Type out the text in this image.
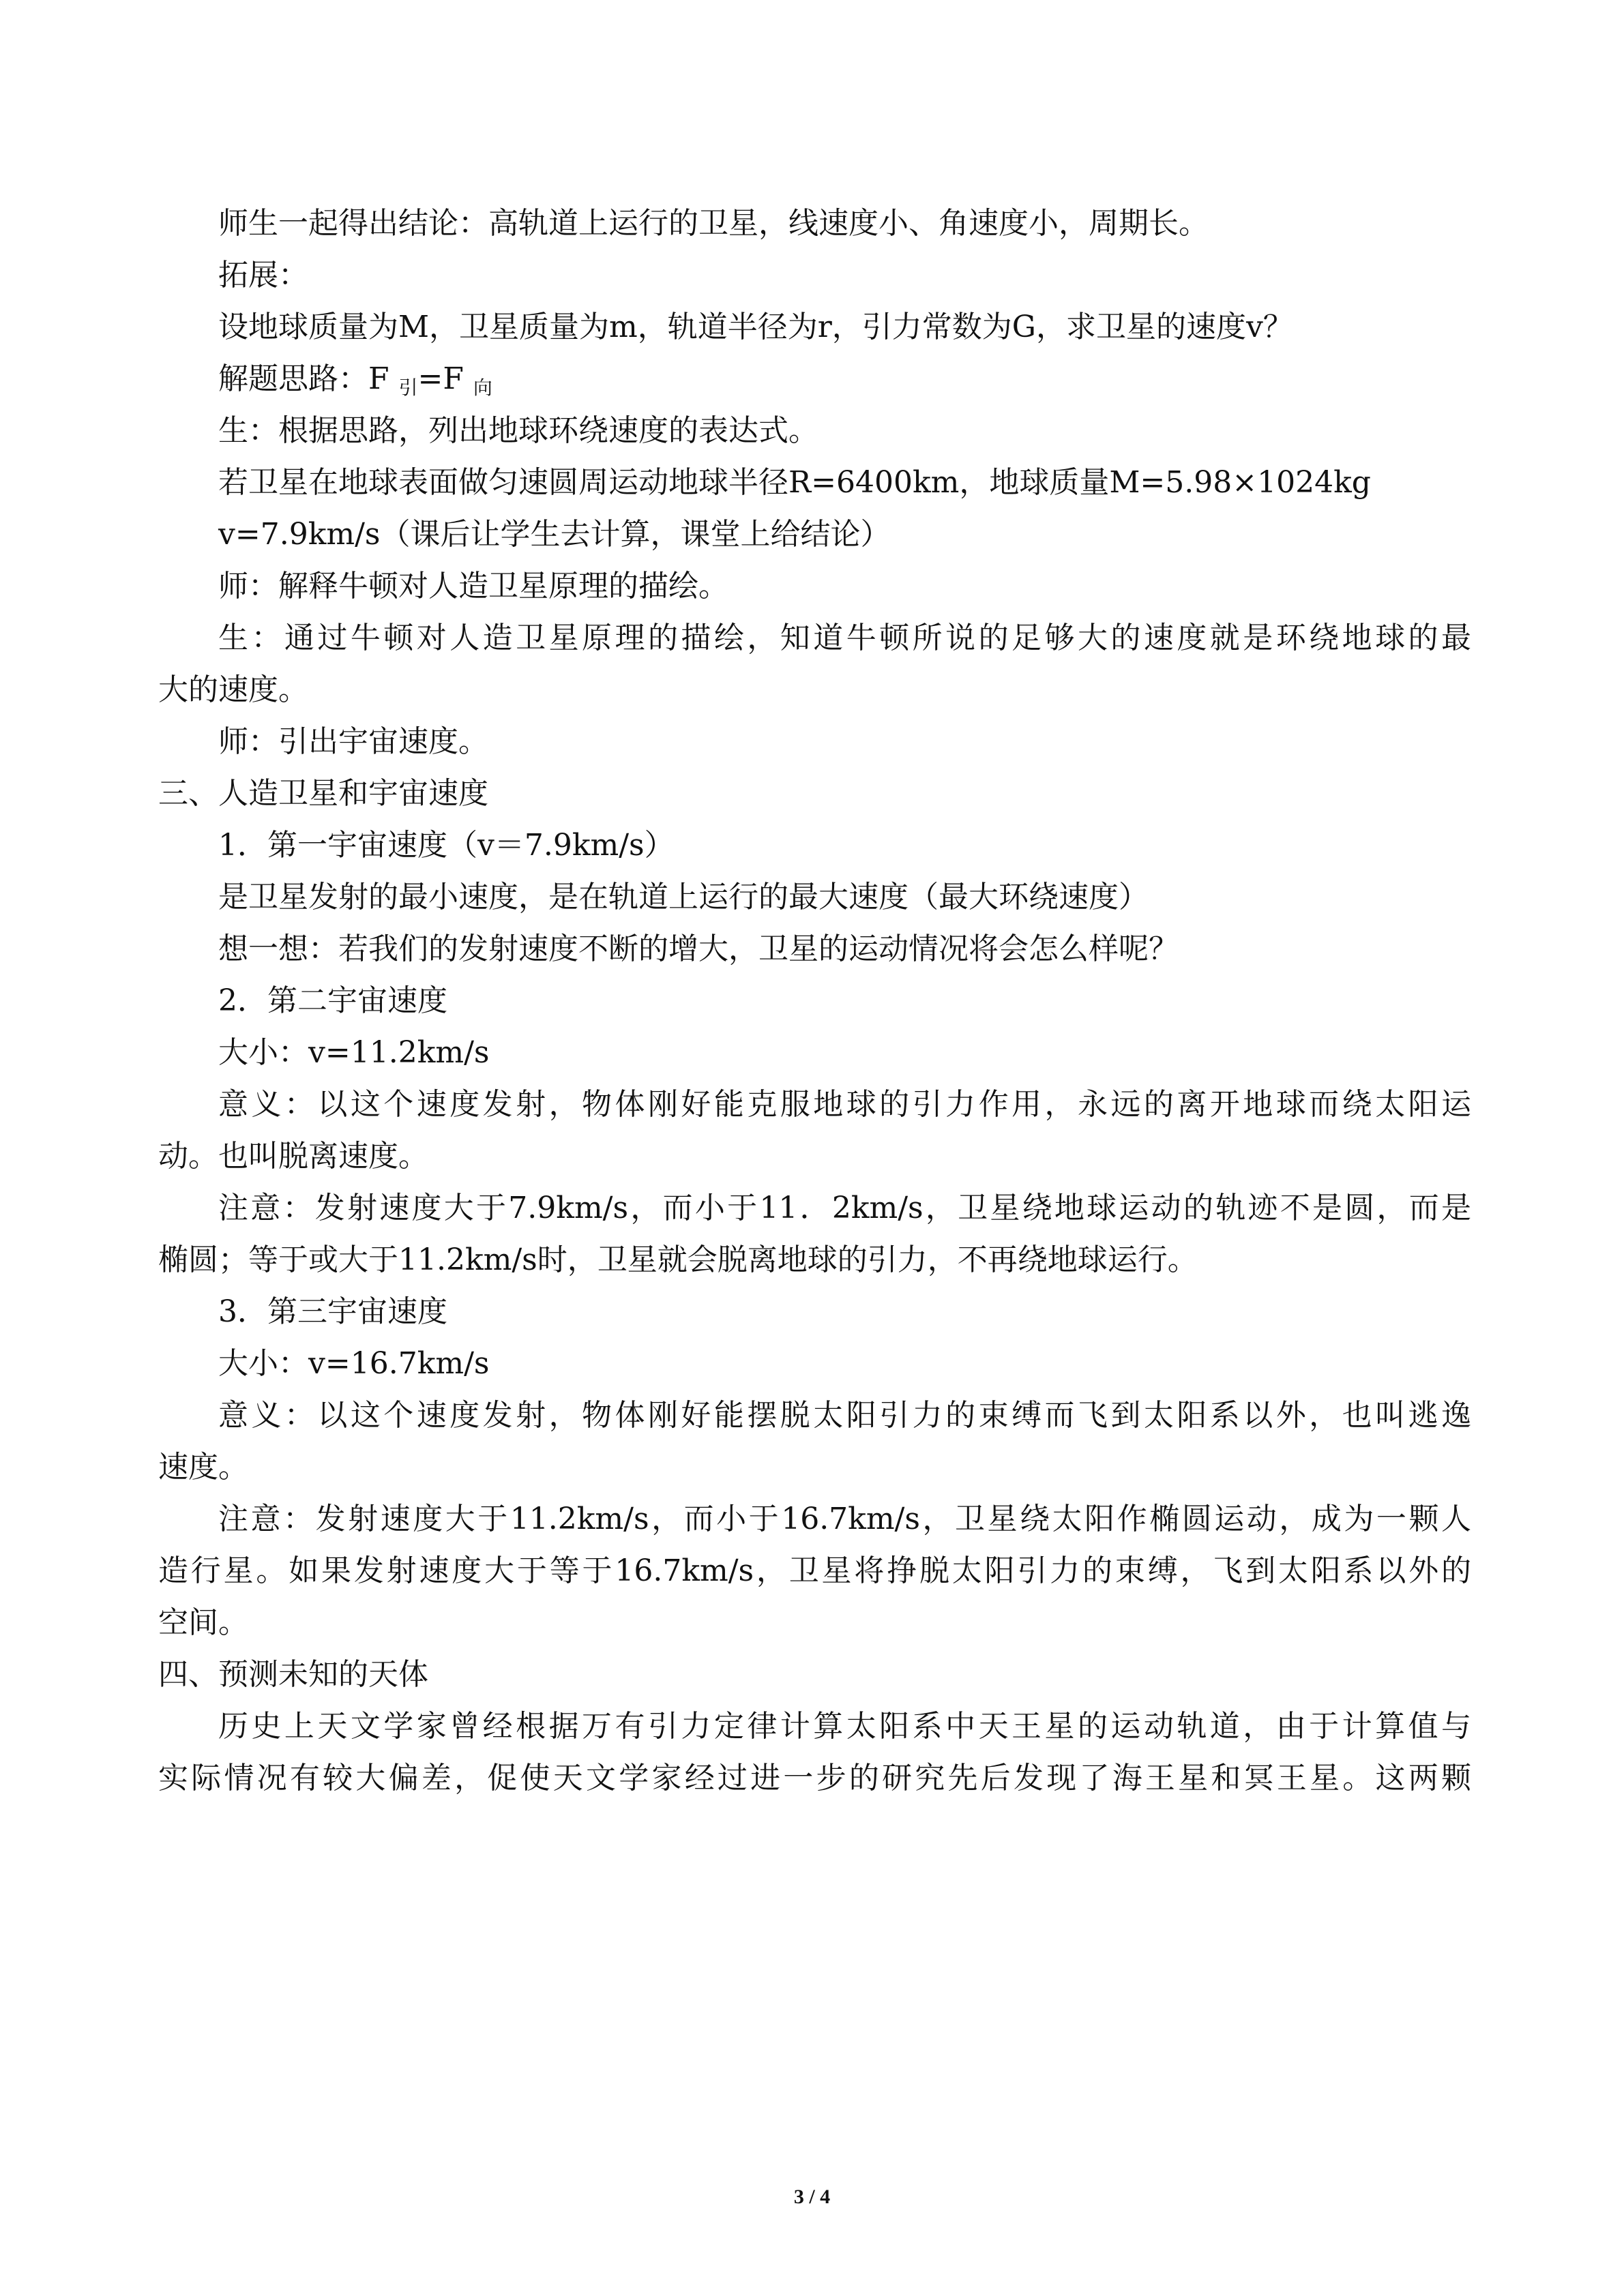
师生一起得出结论：高轨道上运行的卫星，线速度小、角速度小，周期长。
拓展：
设地球质量为M，卫星质量为m，轨道半径为r，引力常数为G，求卫星的速度v？
解题思路：F $_引$=F $_向$
生：根据思路，列出地球环绕速度的表达式。
若卫星在地球表面做匀速圆周运动地球半径R=6400km，地球质量M=5.98×1024kg
v=7.9km/s（课后让学生去计算，课堂上给结论）
师：解释牛顿对人造卫星原理的描绘。
生：通过牛顿对人造卫星原理的描绘，知道牛顿所说的足够大的速度就是环绕地球的最
大的速度。
师：引出宇宙速度。
三、人造卫星和宇宙速度
1．第一宇宙速度（v＝7.9km/s）
是卫星发射的最小速度，是在轨道上运行的最大速度（最大环绕速度）
想一想：若我们的发射速度不断的增大，卫星的运动情况将会怎么样呢？
2．第二宇宙速度
大小：v=11.2km/s
意义：以这个速度发射，物体刚好能克服地球的引力作用，永远的离开地球而绕太阳运
动。也叫脱离速度。
注意：发射速度大于7.9km/s，而小于11．2km/s，卫星绕地球运动的轨迹不是圆，而是
椭圆；等于或大于11.2km/s时，卫星就会脱离地球的引力，不再绕地球运行。
3．第三宇宙速度
大小：v=16.7km/s
意义：以这个速度发射，物体刚好能摆脱太阳引力的束缚而飞到太阳系以外，也叫逃逸
速度。
注意：发射速度大于11.2km/s，而小于16.7km/s，卫星绕太阳作椭圆运动，成为一颗人
造行星。如果发射速度大于等于16.7km/s，卫星将挣脱太阳引力的束缚，飞到太阳系以外的
空间。
四、预测未知的天体
历史上天文学家曾经根据万有引力定律计算太阳系中天王星的运动轨道，由于计算值与
实际情况有较大偏差，促使天文学家经过进一步的研究先后发现了海王星和冥王星。这两颗
3 / 4
